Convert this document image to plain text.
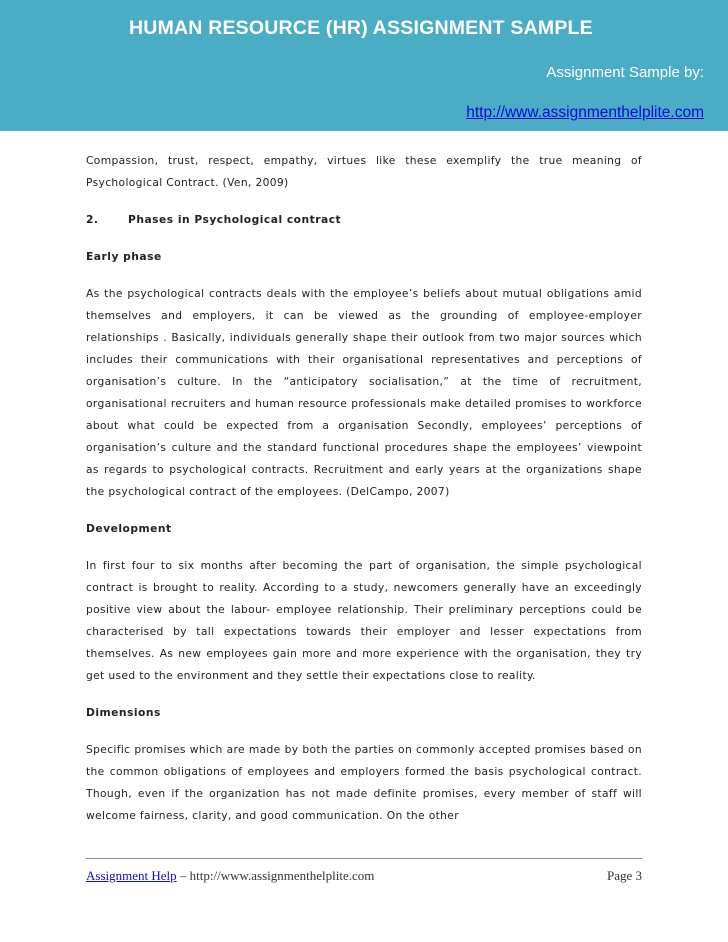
HUMAN RESOURCE (HR) ASSIGNMENT SAMPLE
Assignment Sample by:
http://www.assignmenthelplite.com

Compassion, trust, respect, empathy, virtues like these exemplify the true meaning of Psychological Contract. (Ven, 2009)

2.	Phases in Psychological contract
Early phase

As the psychological contracts deals with the employee’s beliefs about mutual obligations amid themselves and employers, it can be viewed as the grounding of employee-employer relationships . Basically, individuals generally shape their outlook from two major sources which includes their communications with their organisational representatives and perceptions of organisation’s culture. In the “anticipatory socialisation,” at the time of recruitment, organisational recruiters and human resource professionals make detailed promises to workforce about what could be expected from a organisation Secondly, employees’ perceptions of organisation’s culture and the standard functional procedures shape the employees’ viewpoint as regards to psychological contracts. Recruitment and early years at the organizations shape the psychological contract of the employees. (DelCampo, 2007)

Development

In first four to six months after becoming the part of organisation, the simple psychological contract is brought to reality. According to a study, newcomers generally have an exceedingly positive view about the labour- employee relationship. Their preliminary perceptions could be characterised by tall expectations towards their employer and lesser expectations from themselves. As new employees gain more and more experience with the organisation, they try get used to the environment and they settle their expectations close to reality.

Dimensions

Specific promises which are made by both the parties on commonly accepted promises based on the common obligations of employees and employers formed the basis psychological contract. Though, even if the organization has not made definite promises, every member of staff will welcome fairness, clarity, and good communication. On the other

Assignment Help – http://www.assignmenthelplite.com	Page 3
